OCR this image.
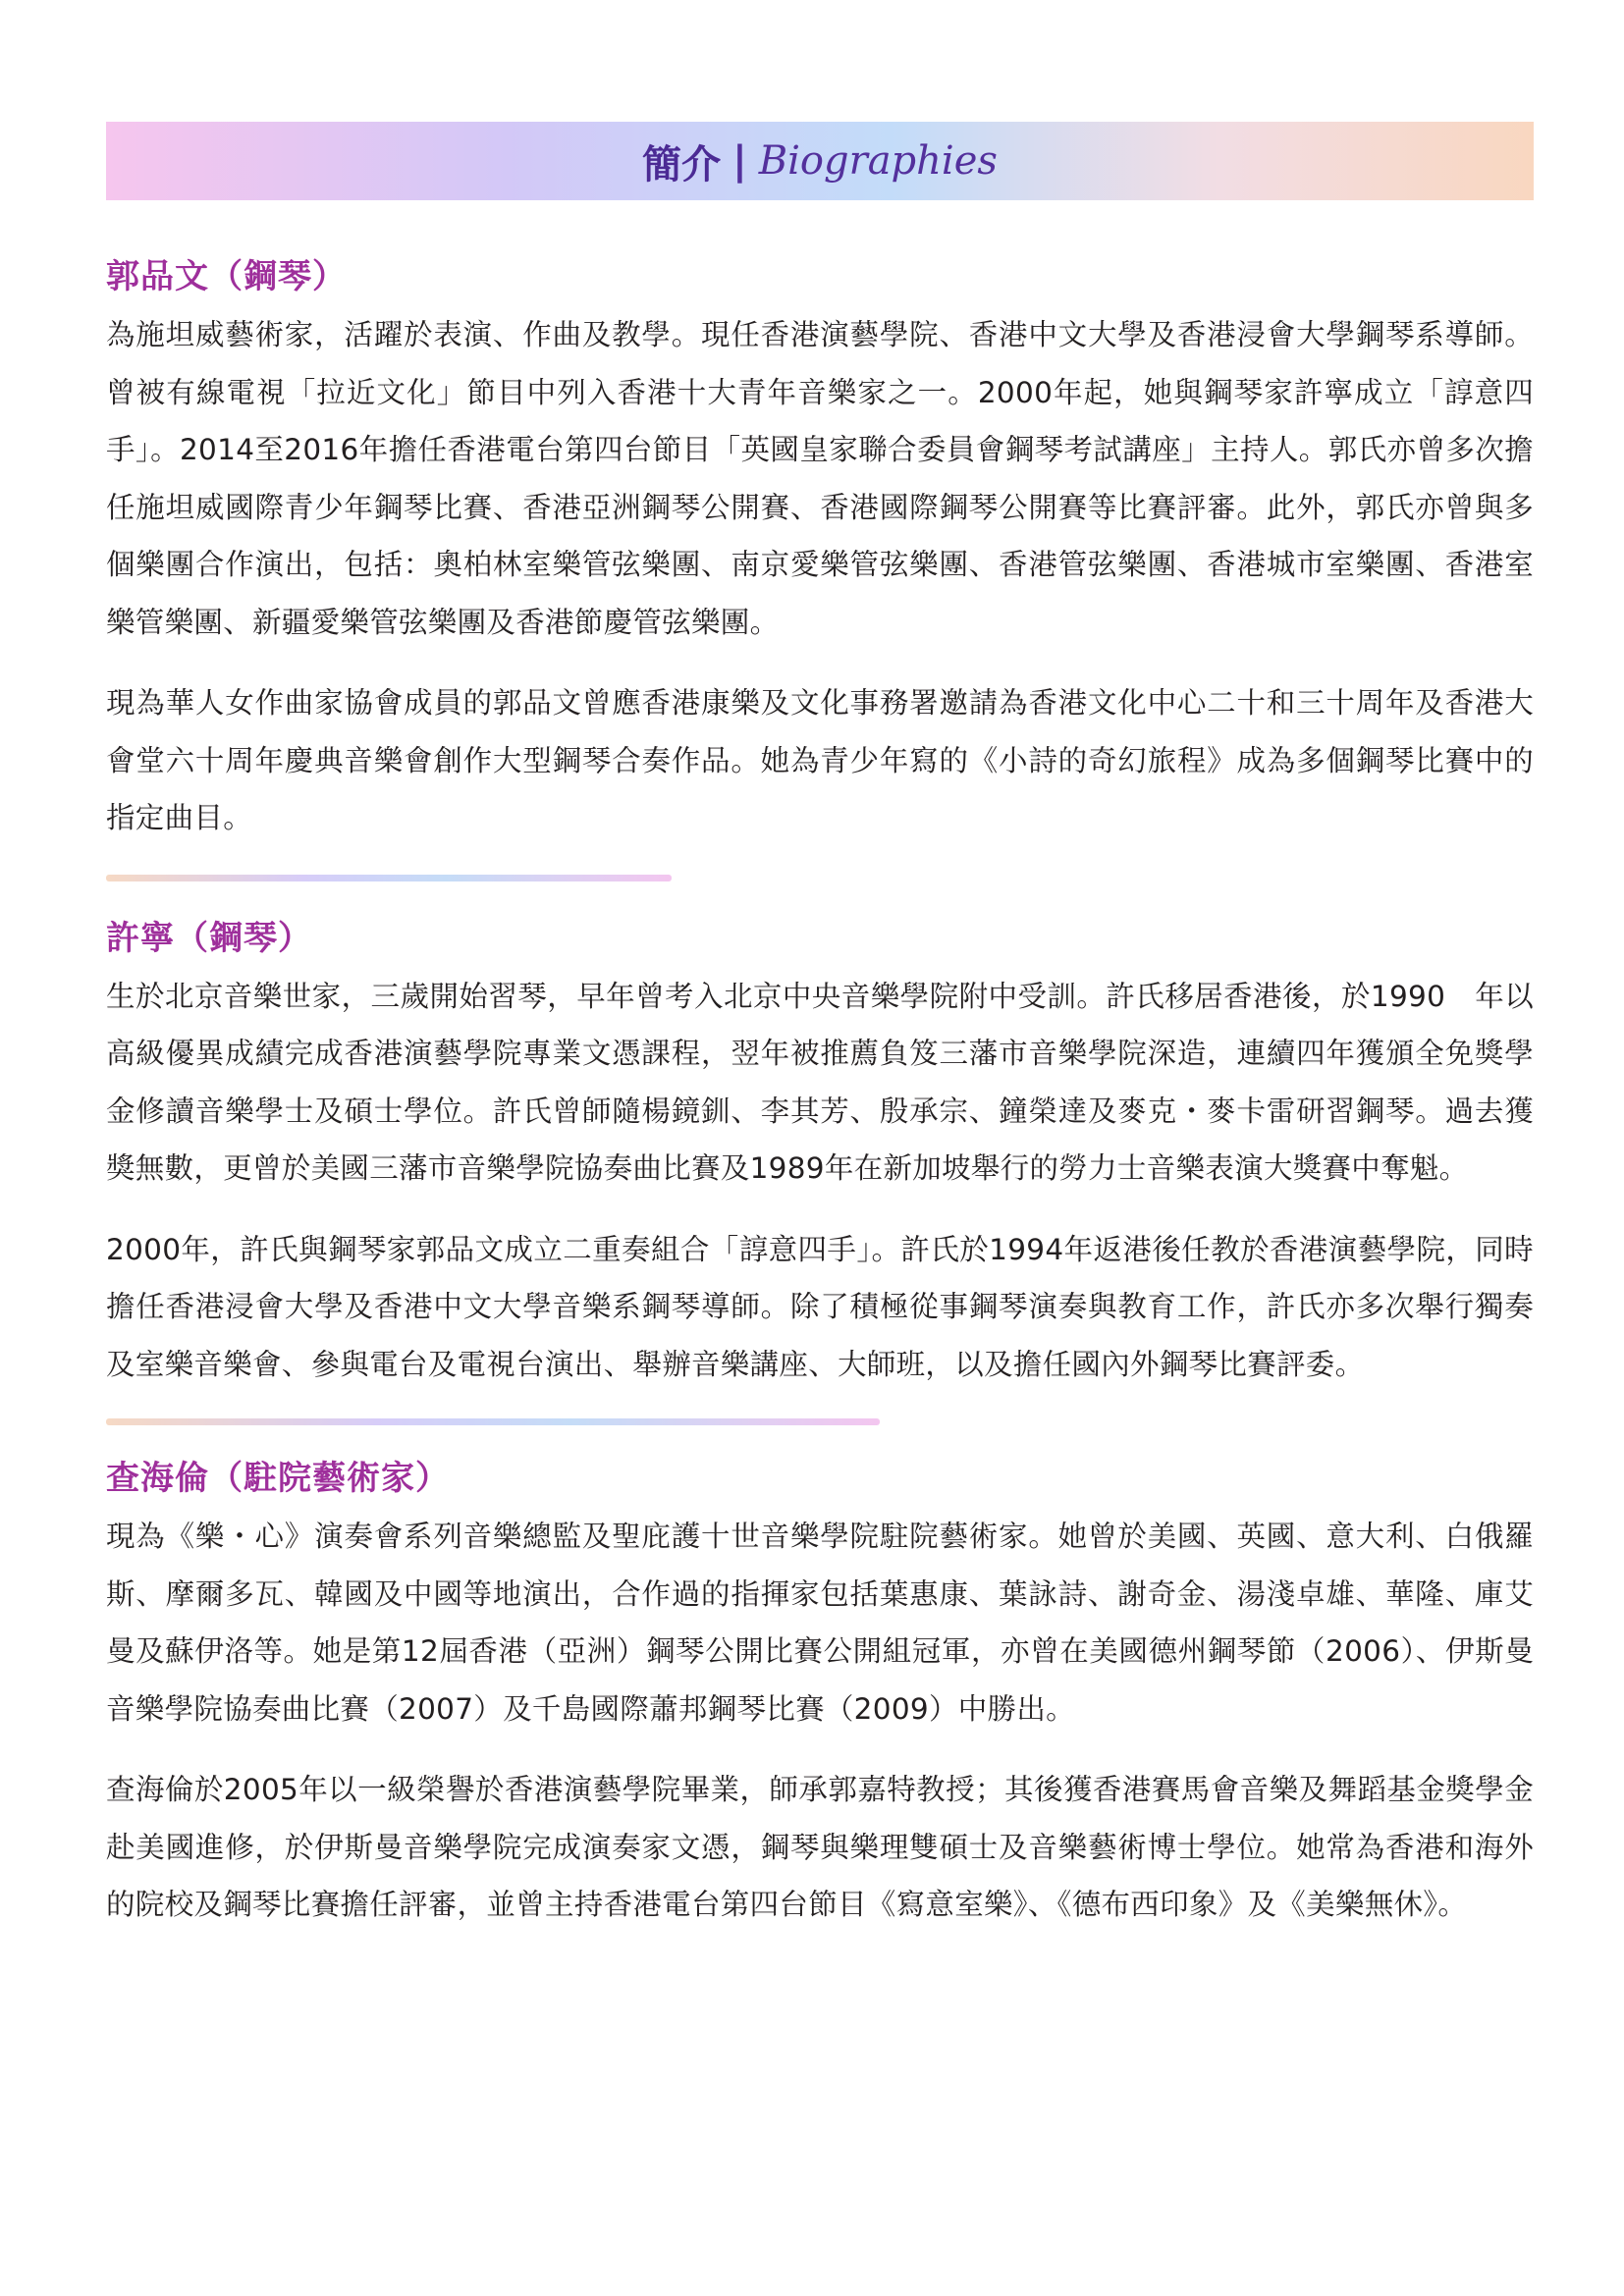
簡介 | Biographies
郭品文（鋼琴）

為施坦威藝術家，活躍於表演、作曲及教學。現任香港演藝學院、香港中文大學及香港浸會大學鋼琴系導師。曾被有線電視「拉近文化」節目中列入香港十大青年音樂家之一。2000年起，她與鋼琴家許寧成立「諄意四手」。2014至2016年擔任香港電台第四台節目「英國皇家聯合委員會鋼琴考試講座」主持人。郭氏亦曾多次擔任施坦威國際青少年鋼琴比賽、香港亞洲鋼琴公開賽、香港國際鋼琴公開賽等比賽評審。此外，郭氏亦曾與多個樂團合作演出，包括：奧柏林室樂管弦樂團、南京愛樂管弦樂團、香港管弦樂團、香港城市室樂團、香港室樂管樂團、新疆愛樂管弦樂團及香港節慶管弦樂團。

現為華人女作曲家協會成員的郭品文曾應香港康樂及文化事務署邀請為香港文化中心二十和三十周年及香港大會堂六十周年慶典音樂會創作大型鋼琴合奏作品。她為青少年寫的《小詩的奇幻旅程》成為多個鋼琴比賽中的指定曲目。

許寧（鋼琴）

生於北京音樂世家，三歲開始習琴，早年曾考入北京中央音樂學院附中受訓。許氏移居香港後，於1990　年以高級優異成績完成香港演藝學院專業文憑課程，翌年被推薦負笈三藩市音樂學院深造，連續四年獲頒全免獎學金修讀音樂學士及碩士學位。許氏曾師隨楊鏡釧、李其芳、殷承宗、鐘榮達及麥克・麥卡雷研習鋼琴。過去獲獎無數，更曾於美國三藩市音樂學院協奏曲比賽及1989年在新加坡舉行的勞力士音樂表演大獎賽中奪魁。

2000年，許氏與鋼琴家郭品文成立二重奏組合「諄意四手」。許氏於1994年返港後任教於香港演藝學院，同時擔任香港浸會大學及香港中文大學音樂系鋼琴導師。除了積極從事鋼琴演奏與教育工作，許氏亦多次舉行獨奏及室樂音樂會、參與電台及電視台演出、舉辦音樂講座、大師班，以及擔任國內外鋼琴比賽評委。

查海倫（駐院藝術家）

現為《樂・心》演奏會系列音樂總監及聖庇護十世音樂學院駐院藝術家。她曾於美國、英國、意大利、白俄羅斯、摩爾多瓦、韓國及中國等地演出，合作過的指揮家包括葉惠康、葉詠詩、謝奇金、湯淺卓雄、華隆、庫艾曼及蘇伊洛等。她是第12屆香港（亞洲）鋼琴公開比賽公開組冠軍，亦曾在美國德州鋼琴節（2006）、伊斯曼音樂學院協奏曲比賽（2007）及千島國際蕭邦鋼琴比賽（2009）中勝出。

查海倫於2005年以一級榮譽於香港演藝學院畢業，師承郭嘉特教授；其後獲香港賽馬會音樂及舞蹈基金獎學金赴美國進修，於伊斯曼音樂學院完成演奏家文憑，鋼琴與樂理雙碩士及音樂藝術博士學位。她常為香港和海外的院校及鋼琴比賽擔任評審，並曾主持香港電台第四台節目《寫意室樂》、《德布西印象》及《美樂無休》。
